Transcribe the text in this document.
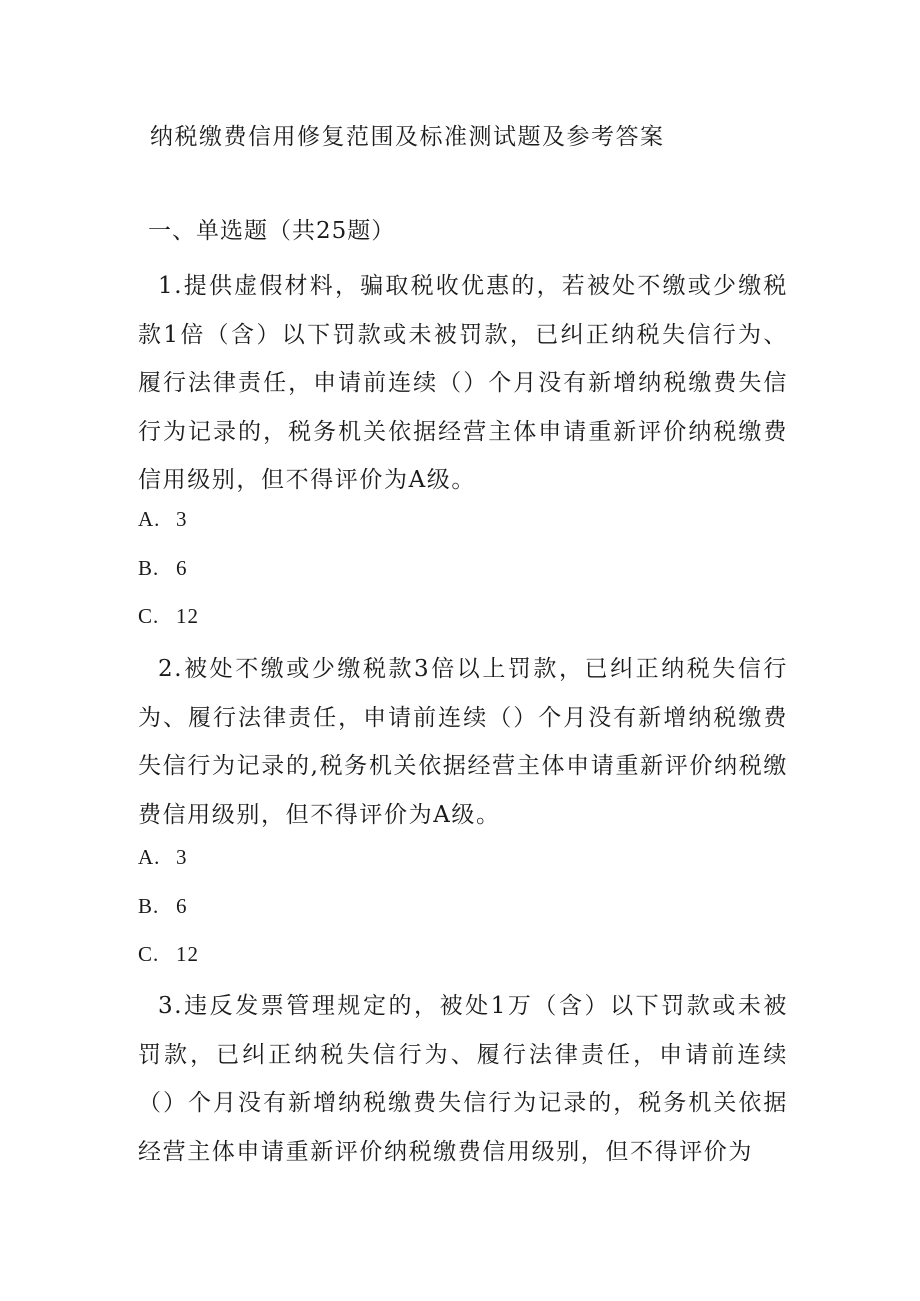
纳税缴费信用修复范围及标准测试题及参考答案
一、单选题（共25题）

1.提供虚假材料，骗取税收优惠的，若被处不缴或少缴税款1倍（含）以下罚款或未被罚款，已纠正纳税失信行为、履行法律责任，申请前连续（）个月没有新增纳税缴费失信行为记录的，税务机关依据经营主体申请重新评价纳税缴费信用级别，但不得评价为A级。

A. 3
B. 6
C. 12

2.被处不缴或少缴税款3倍以上罚款，已纠正纳税失信行为、履行法律责任，申请前连续（）个月没有新增纳税缴费失信行为记录的,税务机关依据经营主体申请重新评价纳税缴费信用级别，但不得评价为A级。

A. 3
B. 6
C. 12

3.违反发票管理规定的，被处1万（含）以下罚款或未被罚款，已纠正纳税失信行为、履行法律责任，申请前连续（）个月没有新增纳税缴费失信行为记录的，税务机关依据经营主体申请重新评价纳税缴费信用级别，但不得评价为
